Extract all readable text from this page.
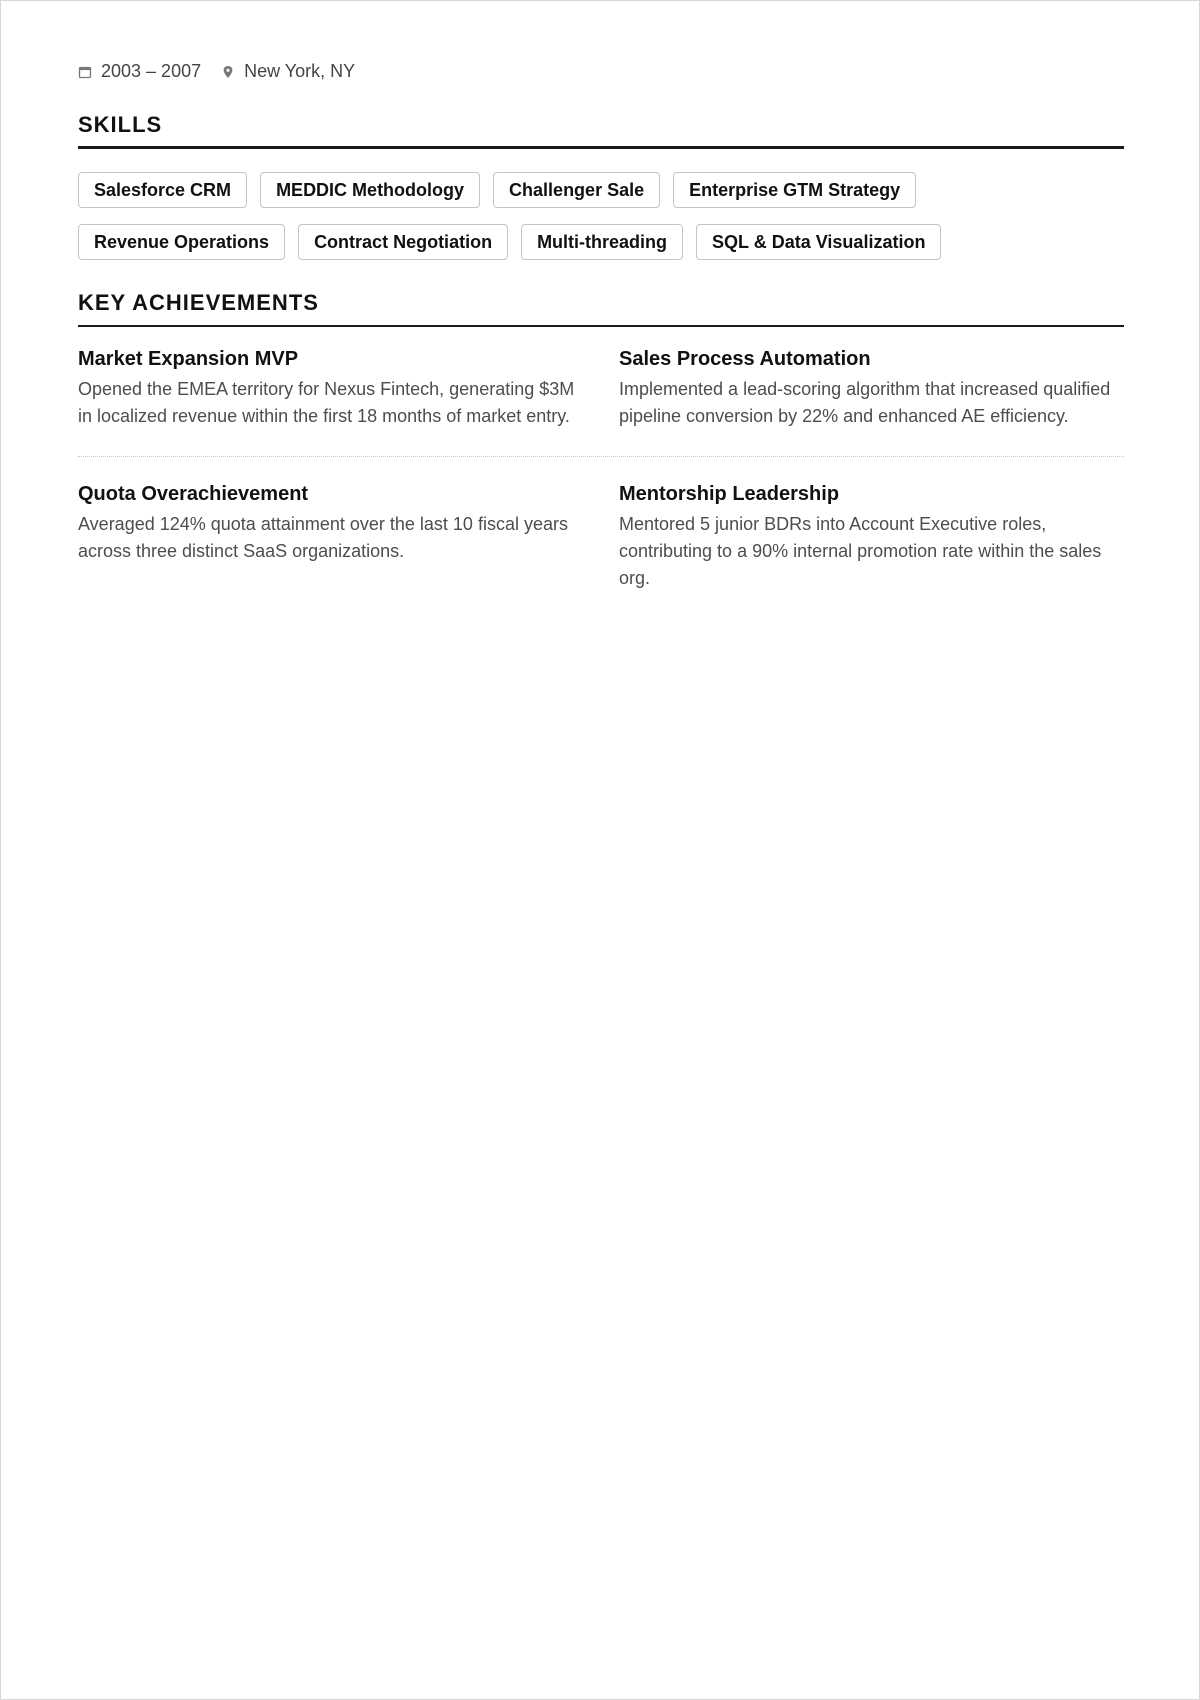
2003 – 2007 New York, NY
SKILLS
Salesforce CRM	MEDDIC Methodology	Challenger Sale	Enterprise GTM Strategy
Revenue Operations	Contract Negotiation	Multi-threading	SQL & Data Visualization
KEY ACHIEVEMENTS
Market Expansion MVP

Opened the EMEA territory for Nexus Fintech, generating $3M in localized revenue within the first 18 months of market entry.

Sales Process Automation

Implemented a lead-scoring algorithm that increased qualified pipeline conversion by 22% and enhanced AE efficiency.

Quota Overachievement

Averaged 124% quota attainment over the last 10 fiscal years across three distinct SaaS organizations.

Mentorship Leadership

Mentored 5 junior BDRs into Account Executive roles, contributing to a 90% internal promotion rate within the sales org.
